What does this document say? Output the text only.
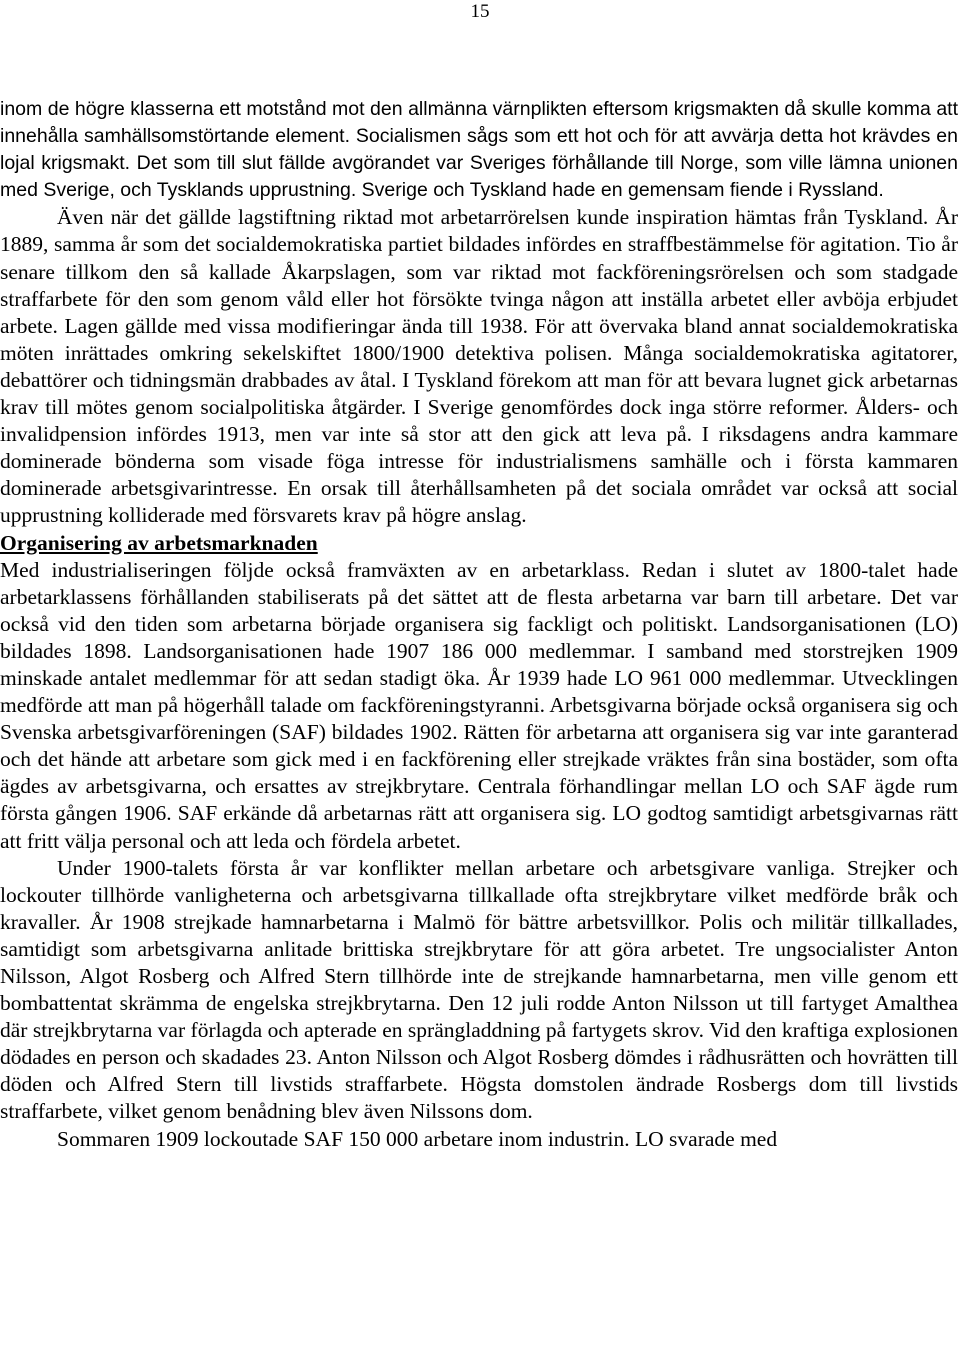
15

inom de högre klasserna ett motstånd mot den allmänna värnplikten eftersom krigsmakten då skulle komma att innehålla samhällsomstörtande element. Socialismen sågs som ett hot och för att avvärja detta hot krävdes en lojal krigsmakt. Det som till slut fällde avgörandet var Sveriges förhållande till Norge, som ville lämna unionen med Sverige, och Tysklands upprustning. Sverige och Tyskland hade en gemensam fiende i Ryssland.

Även när det gällde lagstiftning riktad mot arbetarrörelsen kunde inspiration hämtas från Tyskland. År 1889, samma år som det socialdemokratiska partiet bildades infördes en straffbestämmelse för agitation.

Tio år senare tillkom den så kallade Åkarpslagen, som var riktad mot fackföreningsrörelsen och som stadgade straffarbete för den som genom våld eller hot försökte tvinga någon att inställa arbetet eller avböja erbjudet arbete. Lagen gällde med vissa modifieringar ända till 1938. För att övervaka bland annat socialdemokratiska möten inrättades omkring sekelskiftet 1800/1900 detektiva polisen. Många socialdemokratiska agitatorer, debattörer och tidningsmän drabbades av åtal. I Tyskland förekom att man för att bevara lugnet gick arbetarnas krav till mötes genom socialpolitiska åtgärder. I Sverige genomfördes dock inga större reformer. Ålders- och invalidpension infördes 1913, men var inte så stor att den gick att leva på. I riksdagens andra kammare dominerade bönderna som visade föga intresse för industrialismens samhälle och i första kammaren dominerade arbetsgivarintresse. En orsak till återhållsamheten på det sociala området var också att social upprustning kolliderade med försvarets krav på högre anslag.

Organisering av arbetsmarknaden

Med industrialiseringen följde också framväxten av en arbetarklass. Redan i slutet av 1800-talet hade arbetarklassens förhållanden stabiliserats på det sättet att de flesta arbetarna var barn till arbetare. Det var också vid den tiden som arbetarna började organisera sig fackligt och politiskt. Landsorganisationen (LO) bildades 1898. Landsorganisationen hade 1907 186 000 medlemmar. I samband med storstrejken 1909 minskade antalet medlemmar för att sedan stadigt öka. År 1939 hade LO 961 000 medlemmar. Utvecklingen medförde att man på högerhåll talade om fackföreningstyranni. Arbetsgivarna började också organisera sig och Svenska arbetsgivarföreningen (SAF) bildades 1902. Rätten för arbetarna att organisera sig var inte garanterad och det hände att arbetare som gick med i en fackförening eller strejkade vräktes från sina bostäder, som ofta ägdes av arbetsgivarna, och ersattes av strejkbrytare. Centrala förhandlingar mellan LO och SAF ägde rum första gången 1906. SAF erkände då arbetarnas rätt att organisera sig. LO godtog samtidigt arbetsgivarnas rätt att fritt välja personal och att leda och fördela arbetet.

Under 1900-talets första år var konflikter mellan arbetare och arbetsgivare vanliga. Strejker och lockouter tillhörde vanligheterna och arbetsgivarna tillkallade ofta strejkbrytare vilket medförde bråk och kravaller. År 1908 strejkade hamnarbetarna i Malmö för bättre arbetsvillkor. Polis och militär tillkallades, samtidigt som arbetsgivarna anlitade brittiska strejkbrytare för att göra arbetet. Tre ungsocialister Anton Nilsson, Algot Rosberg och Alfred Stern tillhörde inte de strejkande hamnarbetarna, men ville genom ett bombattentat skrämma de engelska strejkbrytarna. Den 12 juli rodde Anton Nilsson ut till fartyget Amalthea där strejkbrytarna var förlagda och apterade en sprängladdning på fartygets skrov. Vid den kraftiga explosionen dödades en person och skadades 23. Anton Nilsson och Algot Rosberg dömdes i rådhusrätten och hovrätten till döden och Alfred Stern till livstids straffarbete. Högsta domstolen ändrade Rosbergs dom till livstids straffarbete, vilket genom benådning blev även Nilssons dom.

Sommaren 1909 lockoutade SAF 150 000 arbetare inom industrin. LO svarade med
